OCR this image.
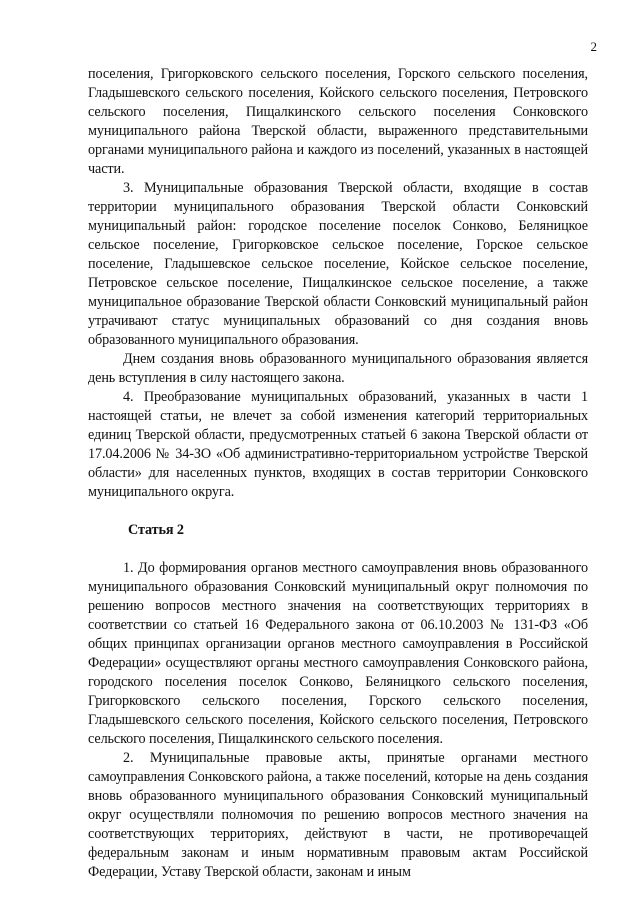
2

поселения, Григорковского сельского поселения, Горского сельского поселения, Гладышевского сельского поселения, Койского сельского поселения, Петровского сельского поселения, Пищалкинского сельского поселения Сонковского муниципального района Тверской области, выраженного представительными органами муниципального района и каждого из поселений, указанных в настоящей части.

3. Муниципальные образования Тверской области, входящие в состав территории муниципального образования Тверской области Сонковский муниципальный район: городское поселение поселок Сонково, Беляницкое сельское поселение, Григорковское сельское поселение, Горское сельское поселение, Гладышевское сельское поселение, Койское сельское поселение, Петровское сельское поселение, Пищалкинское сельское поселение, а также муниципальное образование Тверской области Сонковский муниципальный район утрачивают статус муниципальных образований со дня создания вновь образованного муниципального образования.

Днем создания вновь образованного муниципального образования является день вступления в силу настоящего закона.

4. Преобразование муниципальных образований, указанных в части 1 настоящей статьи, не влечет за собой изменения категорий территориальных единиц Тверской области, предусмотренных статьей 6 закона Тверской области от 17.04.2006 № 34-ЗО «Об административно-территориальном устройстве Тверской области» для населенных пунктов, входящих в состав территории Сонковского муниципального округа.

Статья 2

1. До формирования органов местного самоуправления вновь образованного муниципального образования Сонковский муниципальный округ полномочия по решению вопросов местного значения на соответствующих территориях в соответствии со статьей 16 Федерального закона от 06.10.2003 № 131-ФЗ «Об общих принципах организации органов местного самоуправления в Российской Федерации» осуществляют органы местного самоуправления Сонковского района, городского поселения поселок Сонково, Беляницкого сельского поселения, Григорковского сельского поселения, Горского сельского поселения, Гладышевского сельского поселения, Койского сельского поселения, Петровского сельского поселения, Пищалкинского сельского поселения.

2. Муниципальные правовые акты, принятые органами местного самоуправления Сонковского района, а также поселений, которые на день создания вновь образованного муниципального образования Сонковский муниципальный округ осуществляли полномочия по решению вопросов местного значения на соответствующих территориях, действуют в части, не противоречащей федеральным законам и иным нормативным правовым актам Российской Федерации, Уставу Тверской области, законам и иным
